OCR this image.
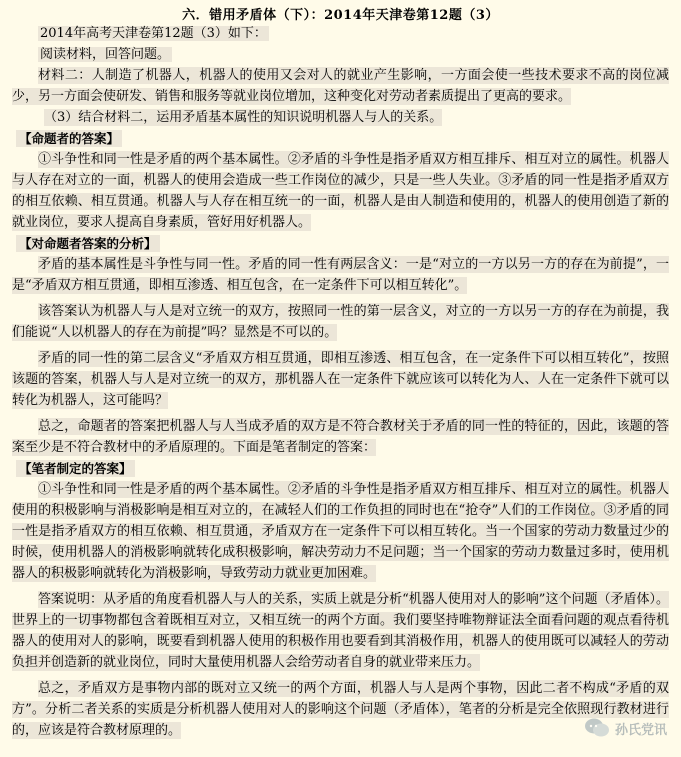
六．错用矛盾体（下）：2014年天津卷第12题（3）
2014年高考天津卷第12题（3）如下：
阅读材料，回答问题。

材料二：人制造了机器人，机器人的使用又会对人的就业产生影响，一方面会使一些技术要求不高的岗位减少，另一方面会使研发、销售和服务等就业岗位增加，这种变化对劳动者素质提出了更高的要求。

（3）结合材料二，运用矛盾基本属性的知识说明机器人与人的关系。

【命题者的答案】

①斗争性和同一性是矛盾的两个基本属性。②矛盾的斗争性是指矛盾双方相互排斥、相互对立的属性。机器人与人存在对立的一面，机器人的使用会造成一些工作岗位的减少，只是一些人失业。③矛盾的同一性是指矛盾双方的相互依赖、相互贯通。机器人与人存在相互统一的一面，机器人是由人制造和使用的，机器人的使用创造了新的就业岗位，要求人提高自身素质，管好用好机器人。

【对命题者答案的分析】

矛盾的基本属性是斗争性与同一性。矛盾的同一性有两层含义：一是“对立的一方以另一方的存在为前提”，一是“矛盾双方相互贯通，即相互渗透、相互包含，在一定条件下可以相互转化”。

该答案认为机器人与人是对立统一的双方，按照同一性的第一层含义，对立的一方以另一方的存在为前提，我们能说“人以机器人的存在为前提”吗？显然是不可以的。

矛盾的同一性的第二层含义“矛盾双方相互贯通，即相互渗透、相互包含，在一定条件下可以相互转化”，按照该题的答案，机器人与人是对立统一的双方，那机器人在一定条件下就应该可以转化为人、人在一定条件下就可以转化为机器人，这可能吗？

总之，命题者的答案把机器人与人当成矛盾的双方是不符合教材关于矛盾的同一性的特征的，因此，该题的答案至少是不符合教材中的矛盾原理的。下面是笔者制定的答案：

【笔者制定的答案】

①斗争性和同一性是矛盾的两个基本属性。②矛盾的斗争性是指矛盾双方相互排斥、相互对立的属性。机器人使用的积极影响与消极影响是相互对立的，在减轻人们的工作负担的同时也在“抢夺”人们的工作岗位。③矛盾的同一性是指矛盾双方的相互依赖、相互贯通，矛盾双方在一定条件下可以相互转化。当一个国家的劳动力数量过少的时候，使用机器人的消极影响就转化成积极影响，解决劳动力不足问题；当一个国家的劳动力数量过多时，使用机器人的积极影响就转化为消极影响，导致劳动力就业更加困难。

答案说明：从矛盾的角度看机器人与人的关系，实质上就是分析“机器人使用对人的影响”这个问题（矛盾体）。世界上的一切事物都包含着既相互对立，又相互统一的两个方面。我们要坚持唯物辩证法全面看问题的观点看待机器人的使用对人的影响，既要看到机器人使用的积极作用也要看到其消极作用，机器人的使用既可以减轻人的劳动负担并创造新的就业岗位，同时大量使用机器人会给劳动者自身的就业带来压力。

总之，矛盾双方是事物内部的既对立又统一的两个方面，机器人与人是两个事物，因此二者不构成“矛盾的双方”。分析二者关系的实质是分析机器人使用对人的影响这个问题（矛盾体），笔者的分析是完全依照现行教材进行的，应该是符合教材原理的。	孙氏党讯
